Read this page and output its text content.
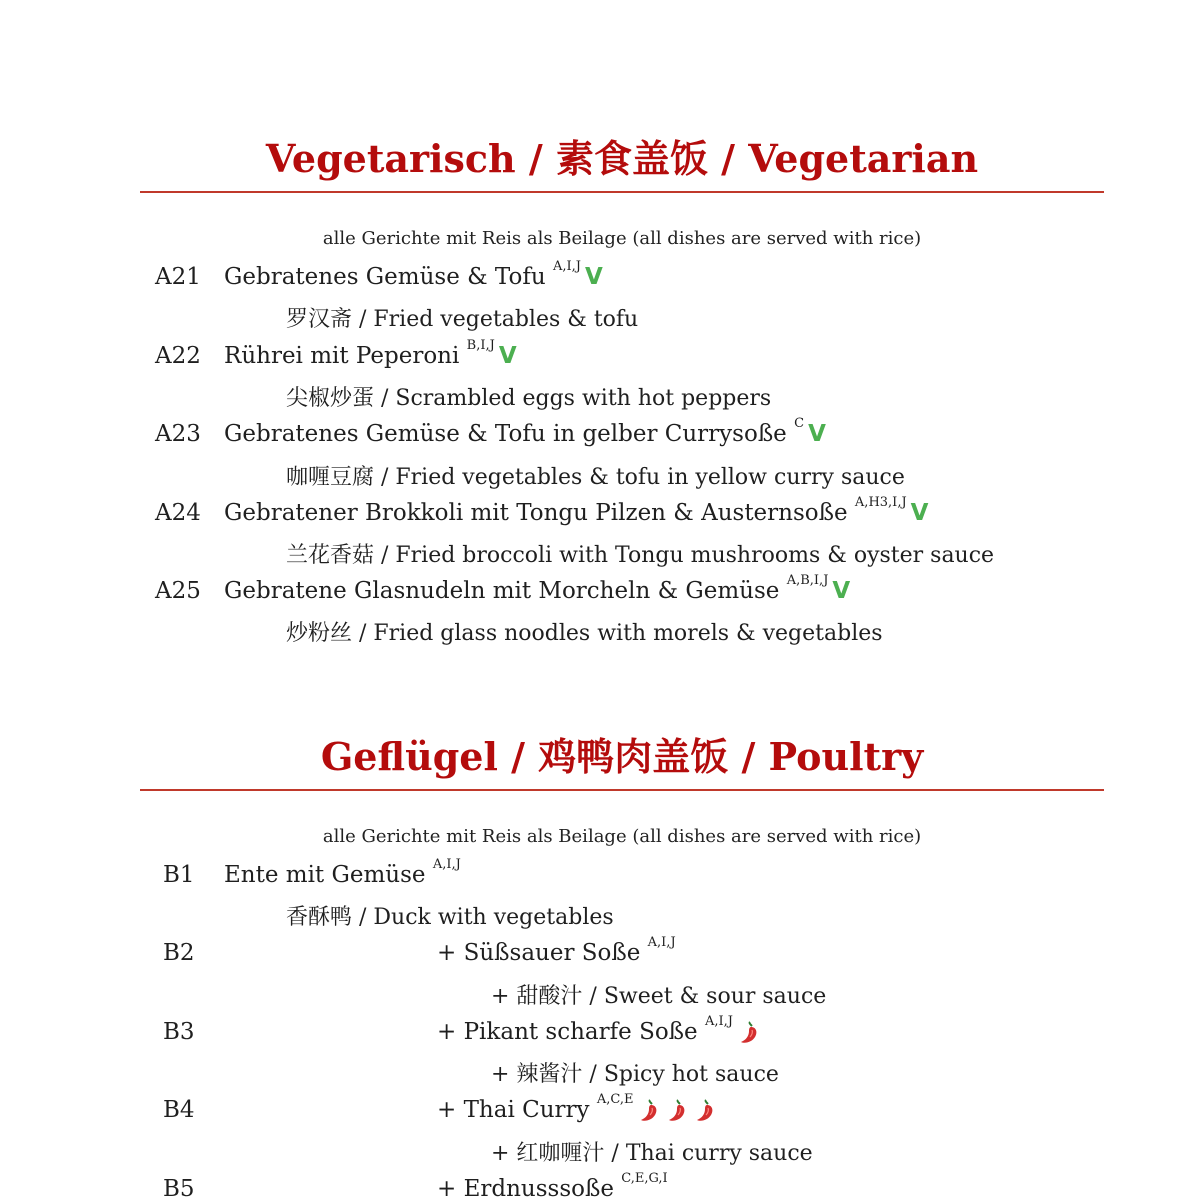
Vegetarisch / 素食盖饭 / Vegetarian
alle Gerichte mit Reis als Beilage (all dishes are served with rice)
A21 Gebratenes Gemüse & Tofu $^{A,I,J}$ V
罗汉斋 / Fried vegetables & tofu
A22 Rührei mit Peperoni $^{B,I,J}$ V
尖椒炒蛋 / Scrambled eggs with hot peppers
A23 Gebratenes Gemüse & Tofu in gelber Currysoße $^C$ V
咖喱豆腐 / Fried vegetables & tofu in yellow curry sauce
A24 Gebratener Brokkoli mit Tongu Pilzen & Austernsoße $^{A,H3,I,J}$ V
兰花香菇 / Fried broccoli with Tongu mushrooms & oyster sauce
A25 Gebratene Glasnudeln mit Morcheln & Gemüse $^{A,B,I,J}$ V
炒粉丝 / Fried glass noodles with morels & vegetables
Geflügel / 鸡鸭肉盖饭 / Poultry
alle Gerichte mit Reis als Beilage (all dishes are served with rice)
B1 Ente mit Gemüse $^{A,I,J}$
香酥鸭 / Duck with vegetables
B2	+ Süßsauer Soße $^{A,I,J}$
+ 甜酸汁 / Sweet & sour sauce
B3	+ Pikant scharfe Soße $^{A,I,J}$
+ 辣酱汁 / Spicy hot sauce
B4	+ Thai Curry $^{A,C,E}$
+ 红咖喱汁 / Thai curry sauce
B5	+ Erdnusssoße $^{C,E,G,I}$
